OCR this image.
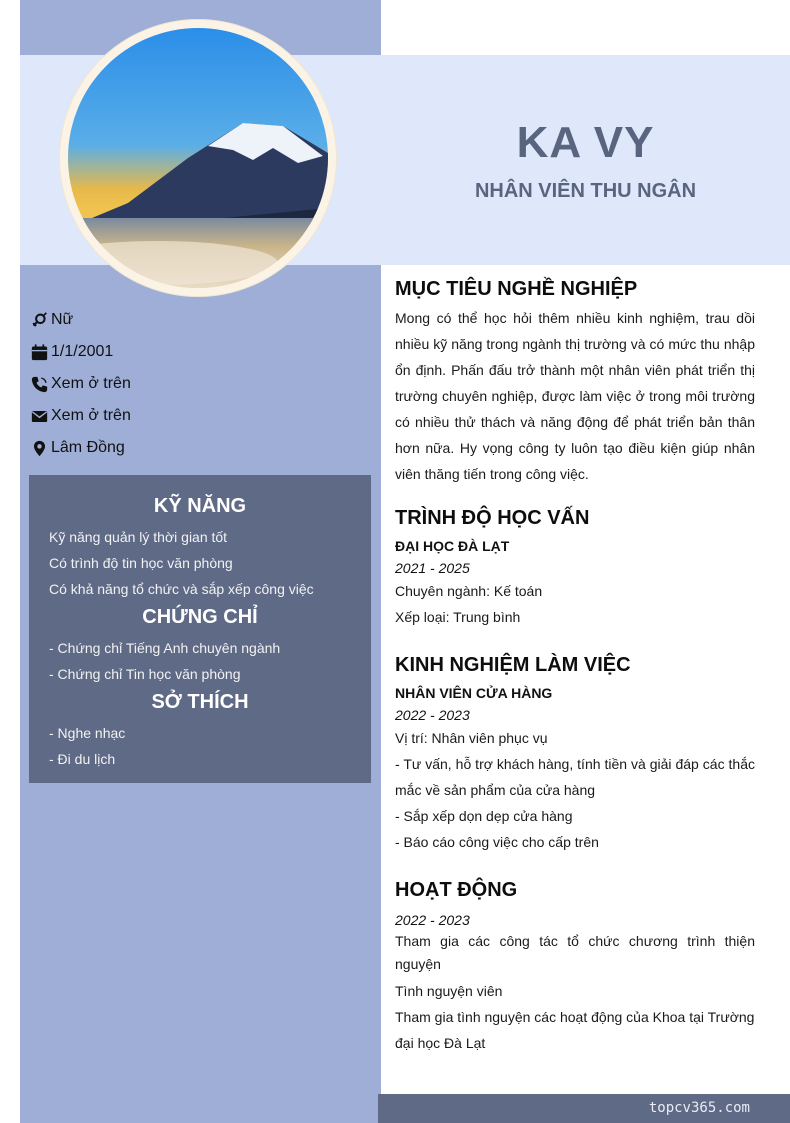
KA VY
NHÂN VIÊN THU NGÂN
Nữ
1/1/2001
Xem ở trên
Xem ở trên
Lâm Đồng
KỸ NĂNG
Kỹ năng quản lý thời gian tốt
Có trình độ tin học văn phòng
Có khả năng tổ chức và sắp xếp công việc
CHỨNG CHỈ
- Chứng chỉ Tiếng Anh chuyên ngành
- Chứng chỉ Tin học văn phòng
SỞ THÍCH
- Nghe nhạc
- Đi du lịch
MỤC TIÊU NGHỀ NGHIỆP
Mong có thể học hỏi thêm nhiều kinh nghiệm, trau dồi nhiều kỹ năng trong ngành thị trường và có mức thu nhập ổn định. Phấn đấu trở thành một nhân viên phát triển thị trường chuyên nghiệp, được làm việc ở trong môi trường có nhiều thử thách và năng động để phát triển bản thân hơn nữa. Hy vọng công ty luôn tạo điều kiện giúp nhân viên thăng tiến trong công việc.
TRÌNH ĐỘ HỌC VẤN
ĐẠI HỌC ĐÀ LẠT
2021 - 2025
Chuyên ngành: Kế toán
Xếp loại: Trung bình
KINH NGHIỆM LÀM VIỆC
NHÂN VIÊN CỬA HÀNG
2022 - 2023
Vị trí: Nhân viên phục vụ
- Tư vấn, hỗ trợ khách hàng, tính tiền và giải đáp các thắc mắc về sản phẩm của cửa hàng
- Sắp xếp dọn dẹp cửa hàng
- Báo cáo công việc cho cấp trên
HOẠT ĐỘNG
2022 - 2023
Tham gia các công tác tổ chức chương trình thiện nguyện
Tình nguyện viên
Tham gia tình nguyện các hoạt động của Khoa tại Trường đại học Đà Lạt
topcv365.com
